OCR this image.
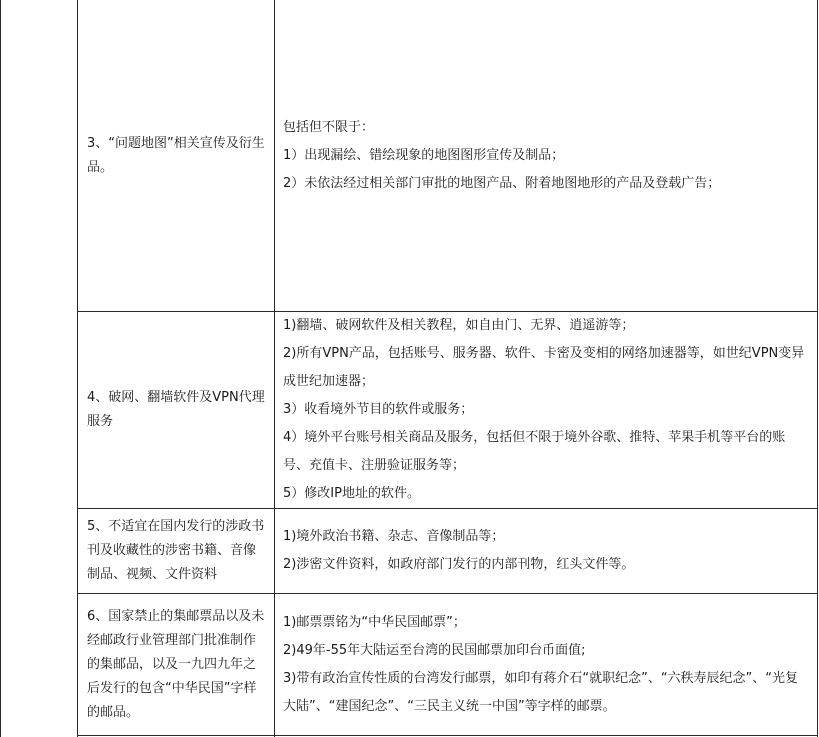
3、“问题地图”相关宣传及衍生品。
包括但不限于：
1）出现漏绘、错绘现象的地图图形宣传及制品；
2）未依法经过相关部门审批的地图产品、附着地图地形的产品及登载广告；
4、破网、翻墙软件及VPN代理服务
1)翻墙、破网软件及相关教程，如自由门、无界、逍遥游等；
2)所有VPN产品，包括账号、服务器、软件、卡密及变相的网络加速器等，如世纪VPN变异成世纪加速器；
3）收看境外节目的软件或服务；
4）境外平台账号相关商品及服务，包括但不限于境外谷歌、推特、苹果手机等平台的账号、充值卡、注册验证服务等；
5）修改IP地址的软件。
5、不适宜在国内发行的涉政书刊及收藏性的涉密书籍、音像制品、视频、文件资料
1)境外政治书籍、杂志、音像制品等；
2)涉密文件资料，如政府部门发行的内部刊物，红头文件等。
6、国家禁止的集邮票品以及未经邮政行业管理部门批准制作的集邮品，以及一九四九年之后发行的包含“中华民国”字样的邮品。
1)邮票票铭为“中华民国邮票”；
2)49年-55年大陆运至台湾的民国邮票加印台币面值;
3)带有政治宣传性质的台湾发行邮票，如印有蒋介石“就职纪念”、“六秩寿辰纪念”、“光复大陆”、“建国纪念”、“三民主义统一中国”等字样的邮票。
